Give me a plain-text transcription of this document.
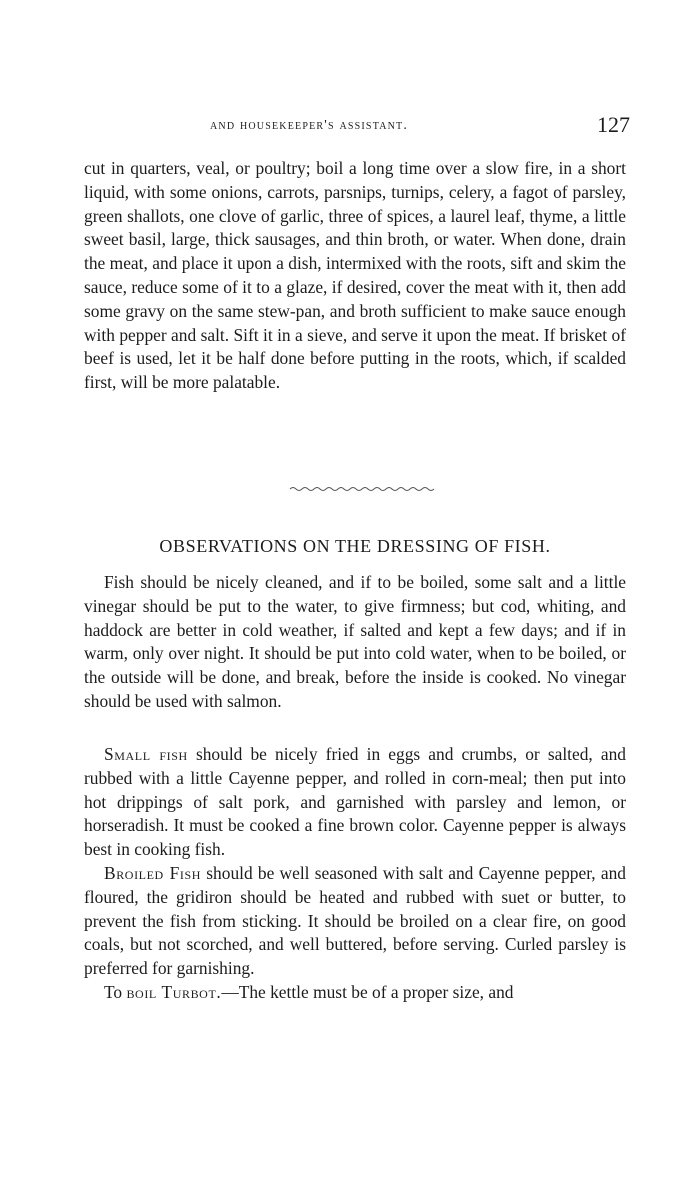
and housekeeper's assistant.	127

cut in quarters, veal, or poultry; boil a long time over a slow fire, in a short liquid, with some onions, carrots, parsnips, turnips, celery, a fagot of parsley, green shallots, one clove of garlic, three of spices, a laurel leaf, thyme, a little sweet basil, large, thick sausages, and thin broth, or water. When done, drain the meat, and place it upon a dish, intermixed with the roots, sift and skim the sauce, reduce some of it to a glaze, if desired, cover the meat with it, then add some gravy on the same stew-pan, and broth sufficient to make sauce enough with pepper and salt. Sift it in a sieve, and serve it upon the meat. If brisket of beef is used, let it be half done before putting in the roots, which, if scalded first, will be more palatable.

OBSERVATIONS ON THE DRESSING OF FISH.

Fish should be nicely cleaned, and if to be boiled, some salt and a little vinegar should be put to the water, to give firmness; but cod, whiting, and haddock are better in cold weather, if salted and kept a few days; and if in warm, only over night. It should be put into cold water, when to be boiled, or the outside will be done, and break, before the inside is cooked. No vinegar should be used with salmon.

Small fish should be nicely fried in eggs and crumbs, or salted, and rubbed with a little Cayenne pepper, and rolled in corn-meal; then put into hot drippings of salt pork, and garnished with parsley and lemon, or horseradish. It must be cooked a fine brown color. Cayenne pepper is always best in cooking fish.

Broiled Fish should be well seasoned with salt and Cayenne pepper, and floured, the gridiron should be heated and rubbed with suet or butter, to prevent the fish from sticking. It should be broiled on a clear fire, on good coals, but not scorched, and well buttered, before serving. Curled parsley is preferred for garnishing.

To boil Turbot.—The kettle must be of a proper size, and
